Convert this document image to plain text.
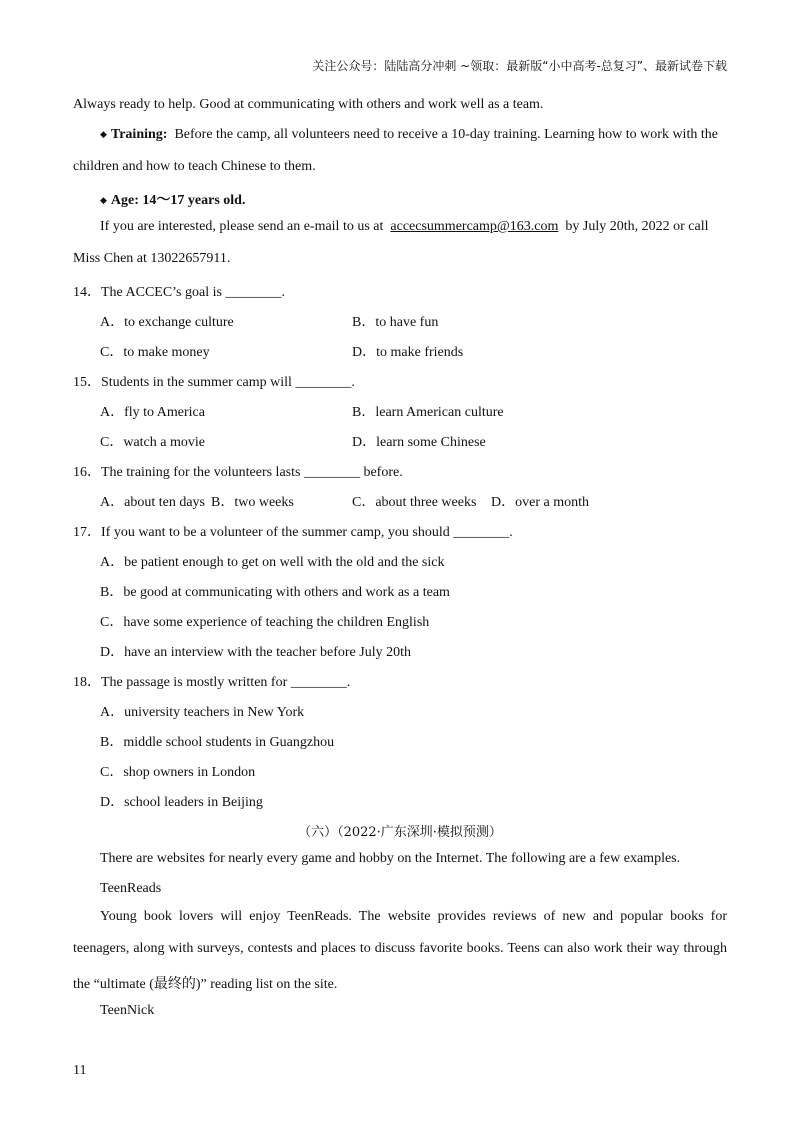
关注公众号：陆陆高分冲刺 ~领取：最新版“小中高考-总复习”、最新试卷下载
Always ready to help. Good at communicating with others and work well as a team.
◆ Training: Before the camp, all volunteers need to receive a 10-day training. Learning how to work with the
children and how to teach Chinese to them.
◆ Age: 14～17 years old.
If you are interested, please send an e-mail to us at accecsummercamp@163.com by July 20th, 2022 or call
Miss Chen at 13022657911.
14．The ACCEC’s goal is ________.
A．to exchange culture	B．to have fun
C．to make money	D．to make friends
15．Students in the summer camp will ________.
A．fly to America	B．learn American culture
C．watch a movie	D．learn some Chinese
16．The training for the volunteers lasts ________ before.
A．about ten days B．two weeks	C．about three weeks D．over a month
17．If you want to be a volunteer of the summer camp, you should ________.
A．be patient enough to get on well with the old and the sick
B．be good at communicating with others and work as a team
C．have some experience of teaching the children English
D．have an interview with the teacher before July 20th
18．The passage is mostly written for ________.
A．university teachers in New York
B．middle school students in Guangzhou
C．shop owners in London
D．school leaders in Beijing
（六）（2022·广东深圳·模拟预测）
There are websites for nearly every game and hobby on the Internet. The following are a few examples.
TeenReads
Young book lovers will enjoy TeenReads. The website provides reviews of new and popular books for
teenagers, along with surveys, contests and places to discuss favorite books. Teens can also work their way through
the “ultimate (最终的)” reading list on the site.
TeenNick
11
